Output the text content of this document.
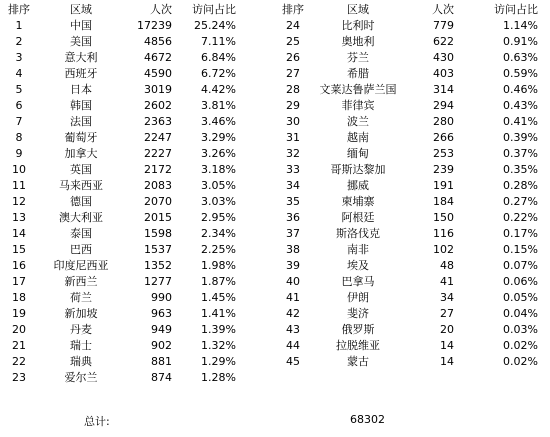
排序	区域	人次	访问占比
1	中国	17239	25.24%
2	美国	4856	7.11%
3	意大利	4672	6.84%
4	西班牙	4590	6.72%
5	日本	3019	4.42%
6	韩国	2602	3.81%
7	法国	2363	3.46%
8	葡萄牙	2247	3.29%
9	加拿大	2227	3.26%
10	英国	2172	3.18%
11	马来西亚	2083	3.05%
12	德国	2070	3.03%
13	澳大利亚	2015	2.95%
14	泰国	1598	2.34%
15	巴西	1537	2.25%
16	印度尼西亚	1352	1.98%
17	新西兰	1277	1.87%
18	荷兰	990	1.45%
19	新加坡	963	1.41%
20	丹麦	949	1.39%
21	瑞士	902	1.32%
22	瑞典	881	1.29%
23	爱尔兰	874	1.28%
排序	区域	人次	访问占比
24	比利时	779	1.14%
25	奥地利	622	0.91%
26	芬兰	430	0.63%
27	希腊	403	0.59%
28	文莱达鲁萨兰国	314	0.46%
29	菲律宾	294	0.43%
30	波兰	280	0.41%
31	越南	266	0.39%
32	缅甸	253	0.37%
33	哥斯达黎加	239	0.35%
34	挪威	191	0.28%
35	柬埔寨	184	0.27%
36	阿根廷	150	0.22%
37	斯洛伐克	116	0.17%
38	南非	102	0.15%
39	埃及	48	0.07%
40	巴拿马	41	0.06%
41	伊朗	34	0.05%
42	斐济	27	0.04%
43	俄罗斯	20	0.03%
44	拉脱维亚	14	0.02%
45	蒙古	14	0.02%
总计:	68302
